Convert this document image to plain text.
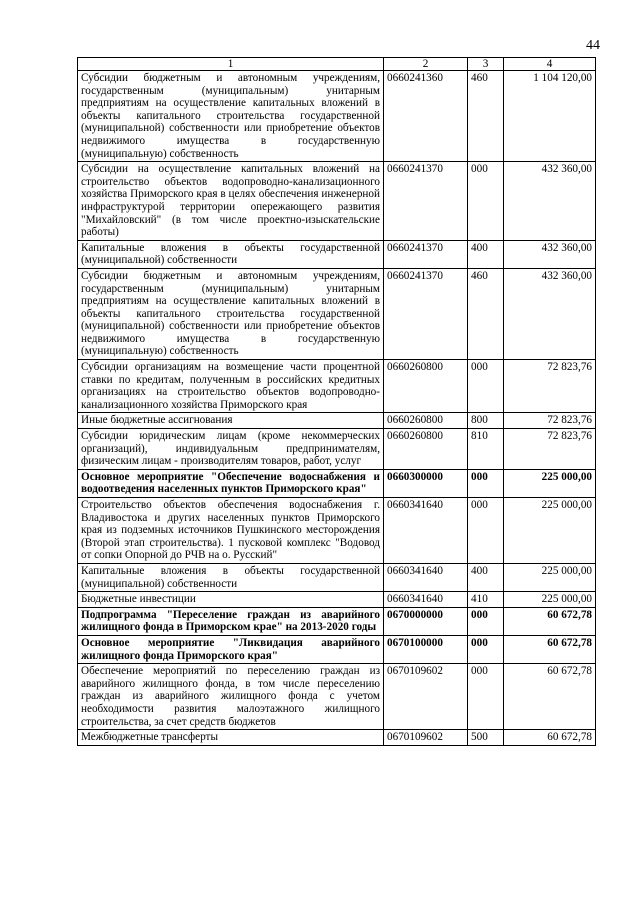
44
1	2	3	4
Субсидии бюджетным и автономным учреждениям, государственным (муниципальным) унитарным предприятиям на осуществление капитальных вложений в объекты капитального строительства государственной (муниципальной) собственности или приобретение объектов недвижимого имущества в государственную (муниципальную) собственность	0660241360	460	1 104 120,00
Субсидии на осуществление капитальных вложений на строительство объектов водопроводно-канализационного хозяйства Приморского края в целях обеспечения инженерной инфраструктурой территории опережающего развития "Михайловский" (в том числе проектно-изыскательские работы)	0660241370	000	432 360,00
Капитальные вложения в объекты государственной (муниципальной) собственности	0660241370	400	432 360,00
Субсидии бюджетным и автономным учреждениям, государственным (муниципальным) унитарным предприятиям на осуществление капитальных вложений в объекты капитального строительства государственной (муниципальной) собственности или приобретение объектов недвижимого имущества в государственную (муниципальную) собственность	0660241370	460	432 360,00
Субсидии организациям на возмещение части процентной ставки по кредитам, полученным в российских кредитных организациях на строительство объектов водопроводно-канализационного хозяйства Приморского края	0660260800	000	72 823,76
Иные бюджетные ассигнования	0660260800	800	72 823,76
Субсидии юридическим лицам (кроме некоммерческих организаций), индивидуальным предпринимателям, физическим лицам - производителям товаров, работ, услуг	0660260800	810	72 823,76
Основное мероприятие "Обеспечение водоснабжения и водоотведения населенных пунктов Приморского края"	0660300000	000	225 000,00
Строительство объектов обеспечения водоснабжения г. Владивостока и других населенных пунктов Приморского края из подземных источников Пушкинского месторождения (Второй этап строительства). 1 пусковой комплекс "Водовод от сопки Опорной до РЧВ на о. Русский"	0660341640	000	225 000,00
Капитальные вложения в объекты государственной (муниципальной) собственности	0660341640	400	225 000,00
Бюджетные инвестиции	0660341640	410	225 000,00
Подпрограмма "Переселение граждан из аварийного жилищного фонда в Приморском крае" на 2013-2020 годы	0670000000	000	60 672,78
Основное мероприятие "Ликвидация аварийного жилищного фонда Приморского края"	0670100000	000	60 672,78
Обеспечение мероприятий по переселению граждан из аварийного жилищного фонда, в том числе переселению граждан из аварийного жилищного фонда с учетом необходимости развития малоэтажного жилищного строительства, за счет средств бюджетов	0670109602	000	60 672,78
Межбюджетные трансферты	0670109602	500	60 672,78
